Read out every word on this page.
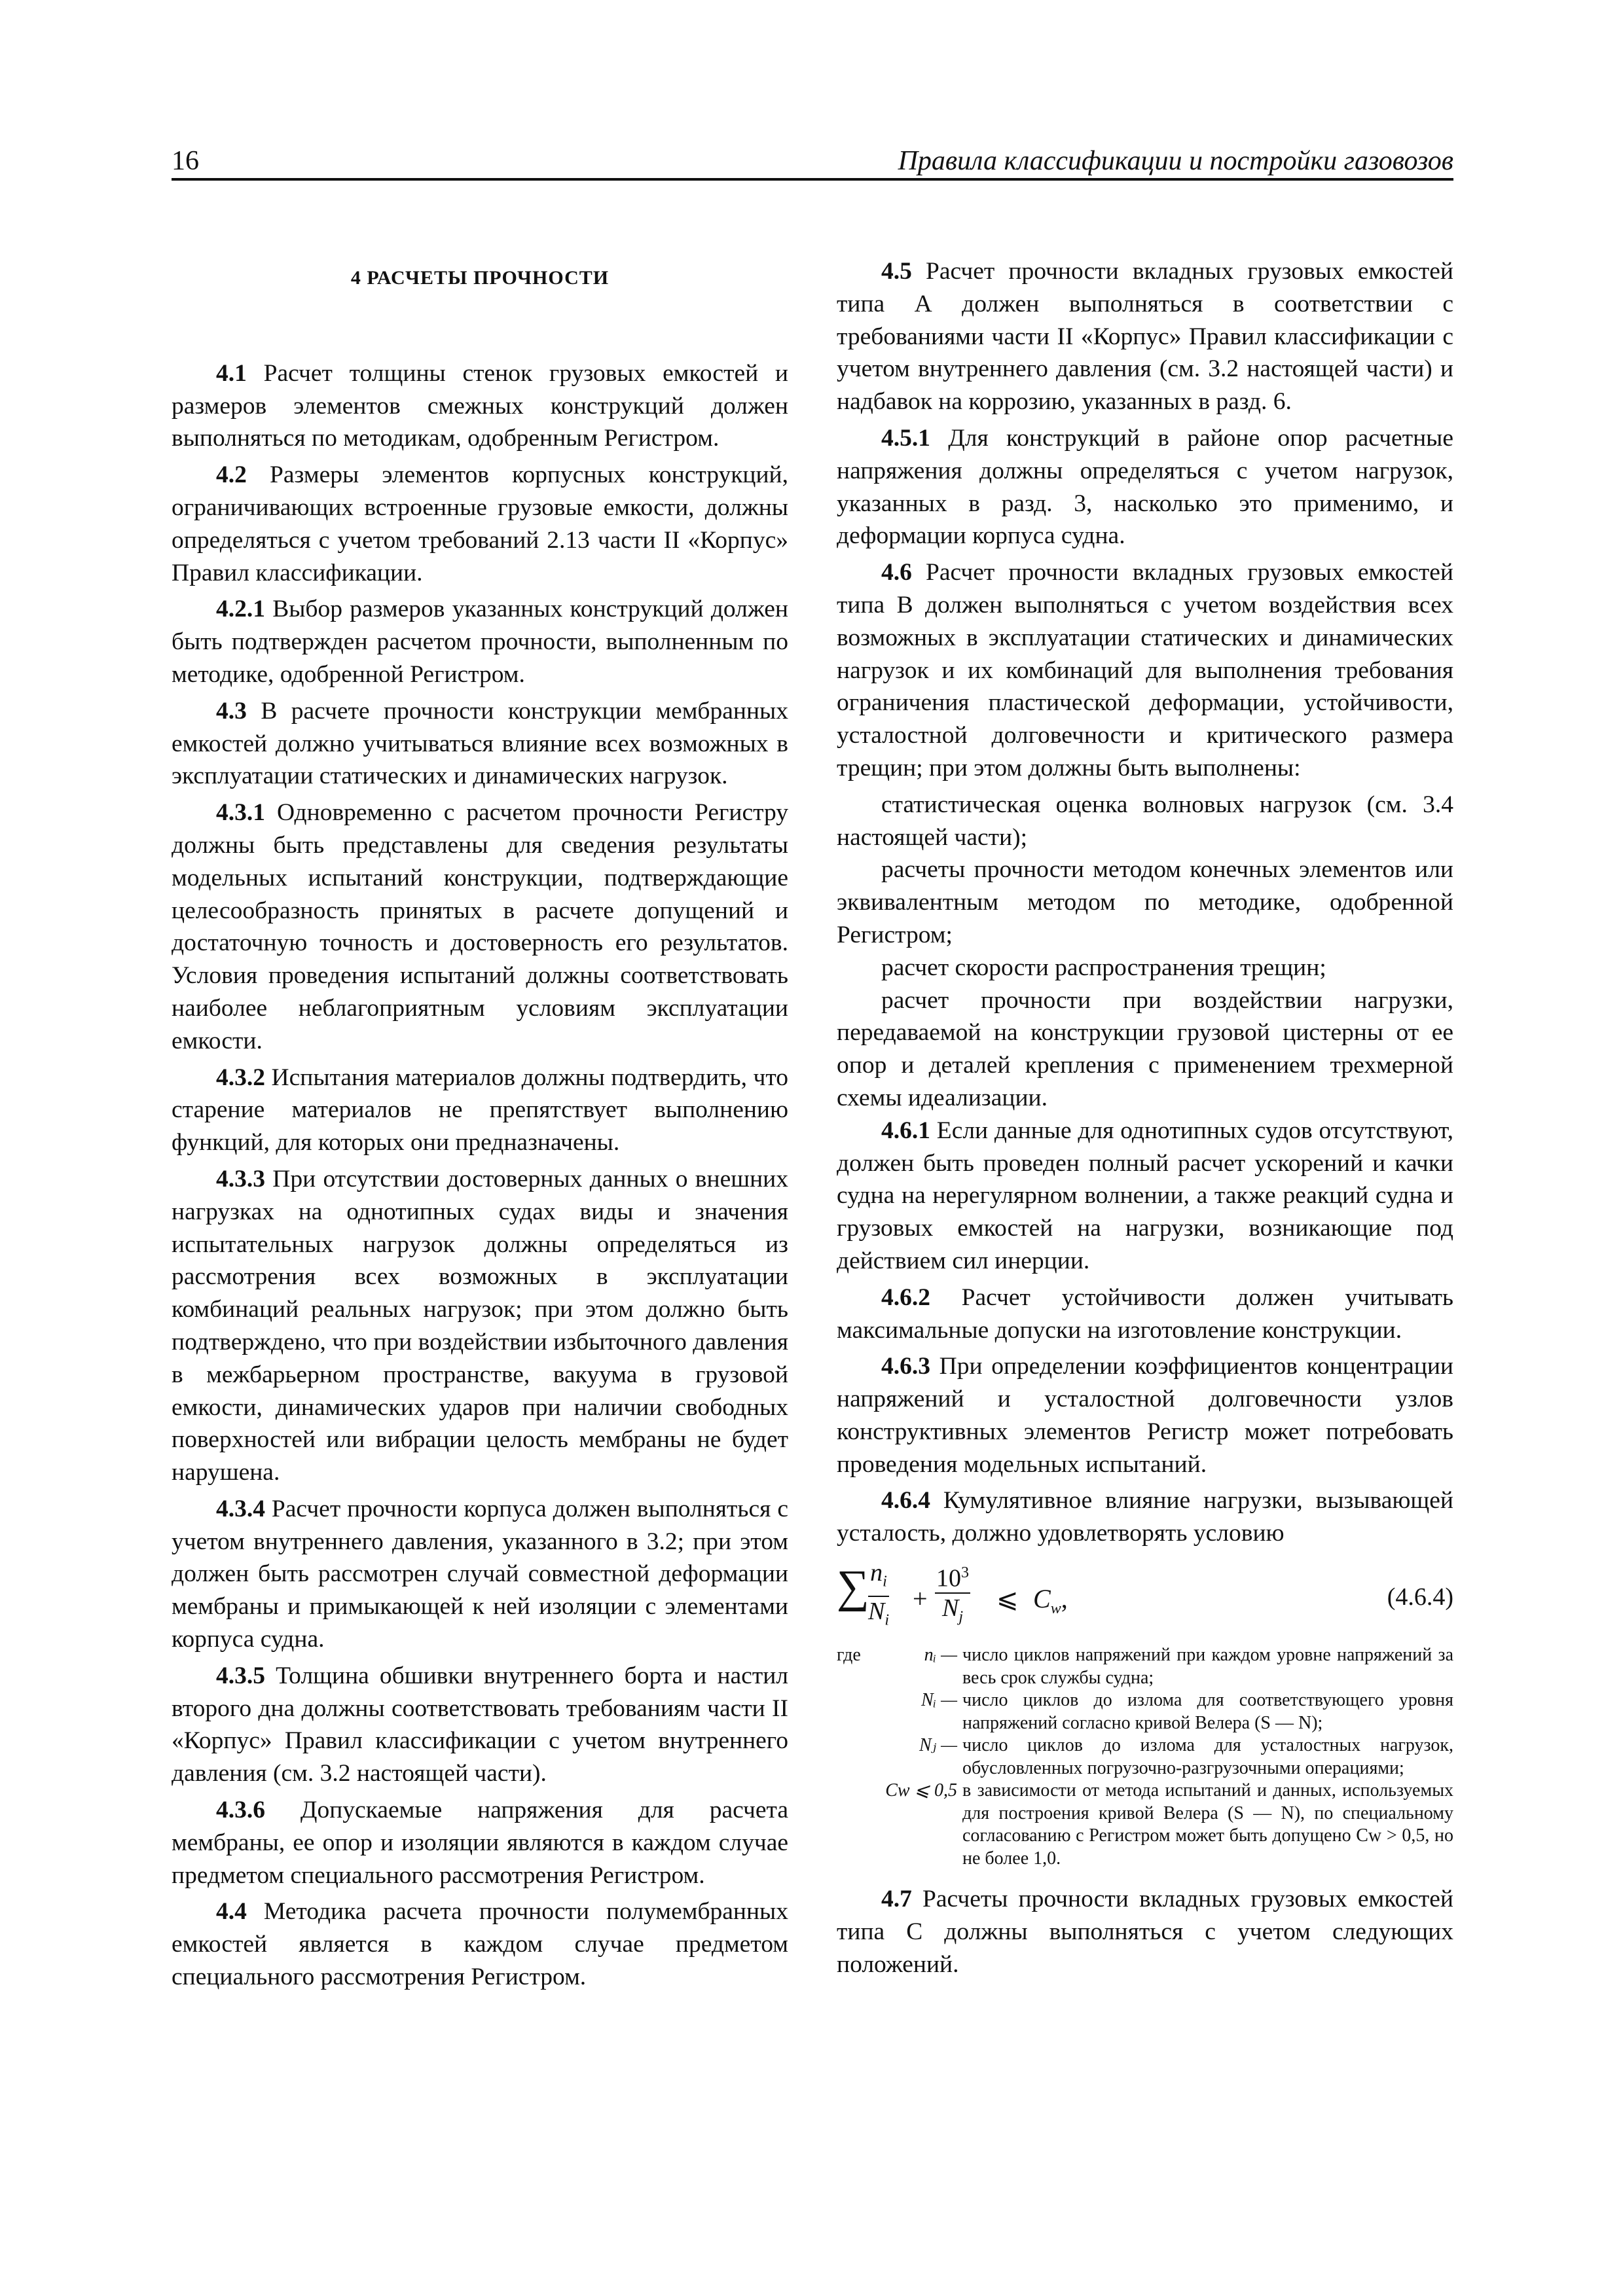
16	Правила классификации и постройки газовозов
4 РАСЧЕТЫ ПРОЧНОСТИ

4.1 Расчет толщины стенок грузовых емкостей и размеров элементов смежных конструкций должен выполняться по методикам, одобренным Регистром.

4.2 Размеры элементов корпусных конструкций, ограничивающих встроенные грузовые емкости, должны определяться с учетом требований 2.13 части II «Корпус» Правил классификации.

4.2.1 Выбор размеров указанных конструкций должен быть подтвержден расчетом прочности, выполненным по методике, одобренной Регистром.

4.3 В расчете прочности конструкции мембранных емкостей должно учитываться влияние всех возможных в эксплуатации статических и динамических нагрузок.

4.3.1 Одновременно с расчетом прочности Регистру должны быть представлены для сведения результаты модельных испытаний конструкции, подтверждающие целесообразность принятых в расчете допущений и достаточную точность и достоверность его результатов. Условия проведения испытаний должны соответствовать наиболее неблагоприятным условиям эксплуатации емкости.

4.3.2 Испытания материалов должны подтвердить, что старение материалов не препятствует выполнению функций, для которых они предназначены.

4.3.3 При отсутствии достоверных данных о внешних нагрузках на однотипных судах виды и значения испытательных нагрузок должны определяться из рассмотрения всех возможных в эксплуатации комбинаций реальных нагрузок; при этом должно быть подтверждено, что при воздействии избыточного давления в межбарьерном пространстве, вакуума в грузовой емкости, динамических ударов при наличии свободных поверхностей или вибрации целость мембраны не будет нарушена.

4.3.4 Расчет прочности корпуса должен выполняться с учетом внутреннего давления, указанного в 3.2; при этом должен быть рассмотрен случай совместной деформации мембраны и примыкающей к ней изоляции с элементами корпуса судна.

4.3.5 Толщина обшивки внутреннего борта и настил второго дна должны соответствовать требованиям части II «Корпус» Правил классификации с учетом внутреннего давления (см. 3.2 настоящей части).

4.3.6 Допускаемые напряжения для расчета мембраны, ее опор и изоляции являются в каждом случае предметом специального рассмотрения Регистром.

4.4 Методика расчета прочности полумембранных емкостей является в каждом случае предметом специального рассмотрения Регистром.

4.5 Расчет прочности вкладных грузовых емкостей типа А должен выполняться в соответствии с требованиями части II «Корпус» Правил классификации с учетом внутреннего давления (см. 3.2 настоящей части) и надбавок на коррозию, указанных в разд. 6.

4.5.1 Для конструкций в районе опор расчетные напряжения должны определяться с учетом нагрузок, указанных в разд. 3, насколько это применимо, и деформации корпуса судна.

4.6 Расчет прочности вкладных грузовых емкостей типа В должен выполняться с учетом воздействия всех возможных в эксплуатации статических и динамических нагрузок и их комбинаций для выполнения требования ограничения пластической деформации, устойчивости, усталостной долговечности и критического размера трещин; при этом должны быть выполнены:

статистическая оценка волновых нагрузок (см. 3.4 настоящей части);

расчеты прочности методом конечных элементов или эквивалентным методом по методике, одобренной Регистром;

расчет скорости распространения трещин;

расчет прочности при воздействии нагрузки, передаваемой на конструкции грузовой цистерны от ее опор и деталей крепления с применением трехмерной схемы идеализации.

4.6.1 Если данные для однотипных судов отсутствуют, должен быть проведен полный расчет ускорений и качки судна на нерегулярном волнении, а также реакций судна и грузовых емкостей на нагрузки, возникающие под действием сил инерции.

4.6.2 Расчет устойчивости должен учитывать максимальные допуски на изготовление конструкции.

4.6.3 При определении коэффициентов концентрации напряжений и усталостной долговечности узлов конструктивных элементов Регистр может потребовать проведения модельных испытаний.

4.6.4 Кумулятивное влияние нагрузки, вызывающей усталость, должно удовлетворять условию

∑
$\frac{n_i}{N_i} + \frac{10^3}{N_j}$ ⩽ $C_w$,	(4.6.4)
где	nᵢ — число циклов напряжений при каждом уровне напряжений за весь срок службы судна;
Nᵢ — число циклов до излома для соответствующего уровня напряжений согласно кривой Велера (S — N);
Nⱼ — число циклов до излома для усталостных нагрузок, обусловленных погрузочно-разгрузочными операциями;
Cw ⩽ 0,5 в зависимости от метода испытаний и данных, используемых для построения кривой Велера (S — N), по специальному согласованию с Регистром может быть допущено Cw > 0,5, но не более 1,0.

4.7 Расчеты прочности вкладных грузовых емкостей типа С должны выполняться с учетом следующих положений.
